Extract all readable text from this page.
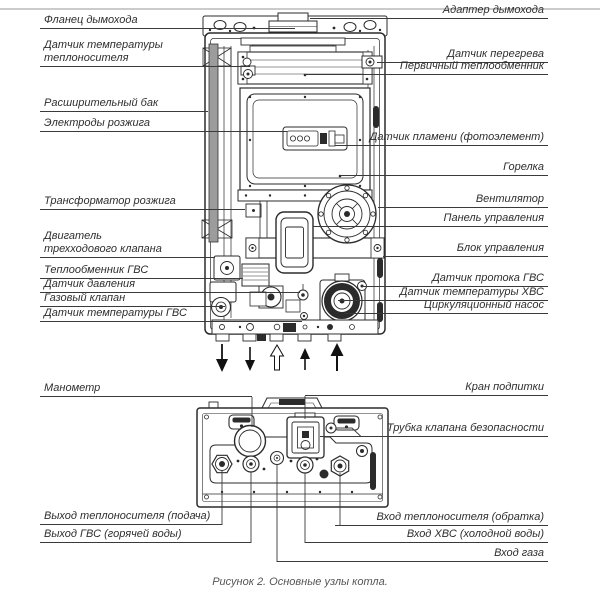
Фланец дымохода
Датчик температуры
теплоносителя
Расширительный бак
Электроды розжига
Трансформатор розжига
Двигатель
трехходового клапана
Теплообменник ГВС
Датчик давления
Газовый клапан
Датчик температуры ГВС
Манометр
Выход теплоносителя (подача)
Выход ГВС (горячей воды)
Адаптер дымохода
Датчик перегрева
Первичный теплообменник
Датчик пламени (фотоэлемент)
Горелка
Вентилятор
Панель управления
Блок управления
Датчик протока ГВС
Датчик температуры ХВС
Циркуляционный насос
Кран подпитки
Трубка клапана безопасности
Вход теплоносителя (обратка)
Вход ХВС (холодной воды)
Вход газа
Рисунок 2. Основные узлы котла.
